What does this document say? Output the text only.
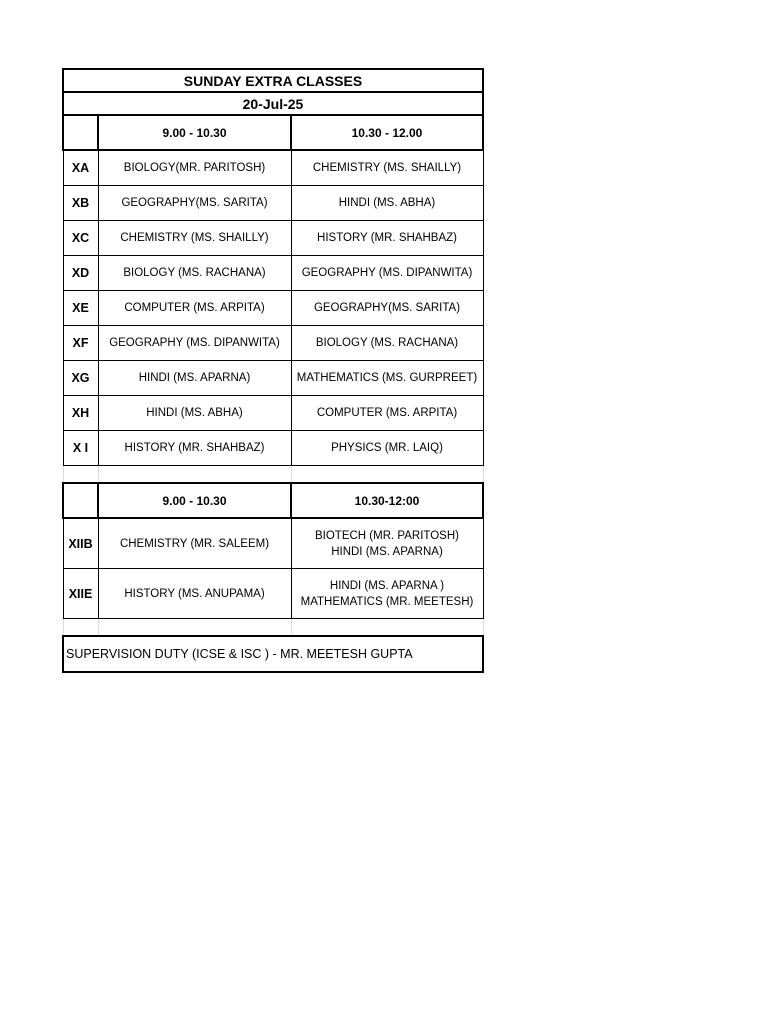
SUNDAY EXTRA CLASSES		
20-Jul-25		
	9.00 - 10.30	10.30 - 12.00
XA	BIOLOGY(MR. PARITOSH)	CHEMISTRY (MS. SHAILLY)
XB	GEOGRAPHY(MS. SARITA)	HINDI (MS. ABHA)
XC	CHEMISTRY (MS. SHAILLY)	HISTORY (MR. SHAHBAZ)
XD	BIOLOGY (MS. RACHANA)	GEOGRAPHY (MS. DIPANWITA)
XE	COMPUTER (MS. ARPITA)	GEOGRAPHY(MS. SARITA)
XF	GEOGRAPHY (MS. DIPANWITA)	BIOLOGY (MS. RACHANA)
XG	HINDI (MS. APARNA)	MATHEMATICS (MS. GURPREET)
XH	HINDI (MS. ABHA)	COMPUTER (MS. ARPITA)
X I	HISTORY (MR. SHAHBAZ)	PHYSICS (MR. LAIQ)

	9.00 - 10.30	10.30-12:00
XIIB	CHEMISTRY (MR. SALEEM)	BIOTECH (MR. PARITOSH)
HINDI (MS. APARNA)

XIIE	HISTORY (MS. ANUPAMA)	HINDI (MS. APARNA )
MATHEMATICS (MR. MEETESH)

SUPERVISION DUTY (ICSE & ISC ) - MR. MEETESH GUPTA		
